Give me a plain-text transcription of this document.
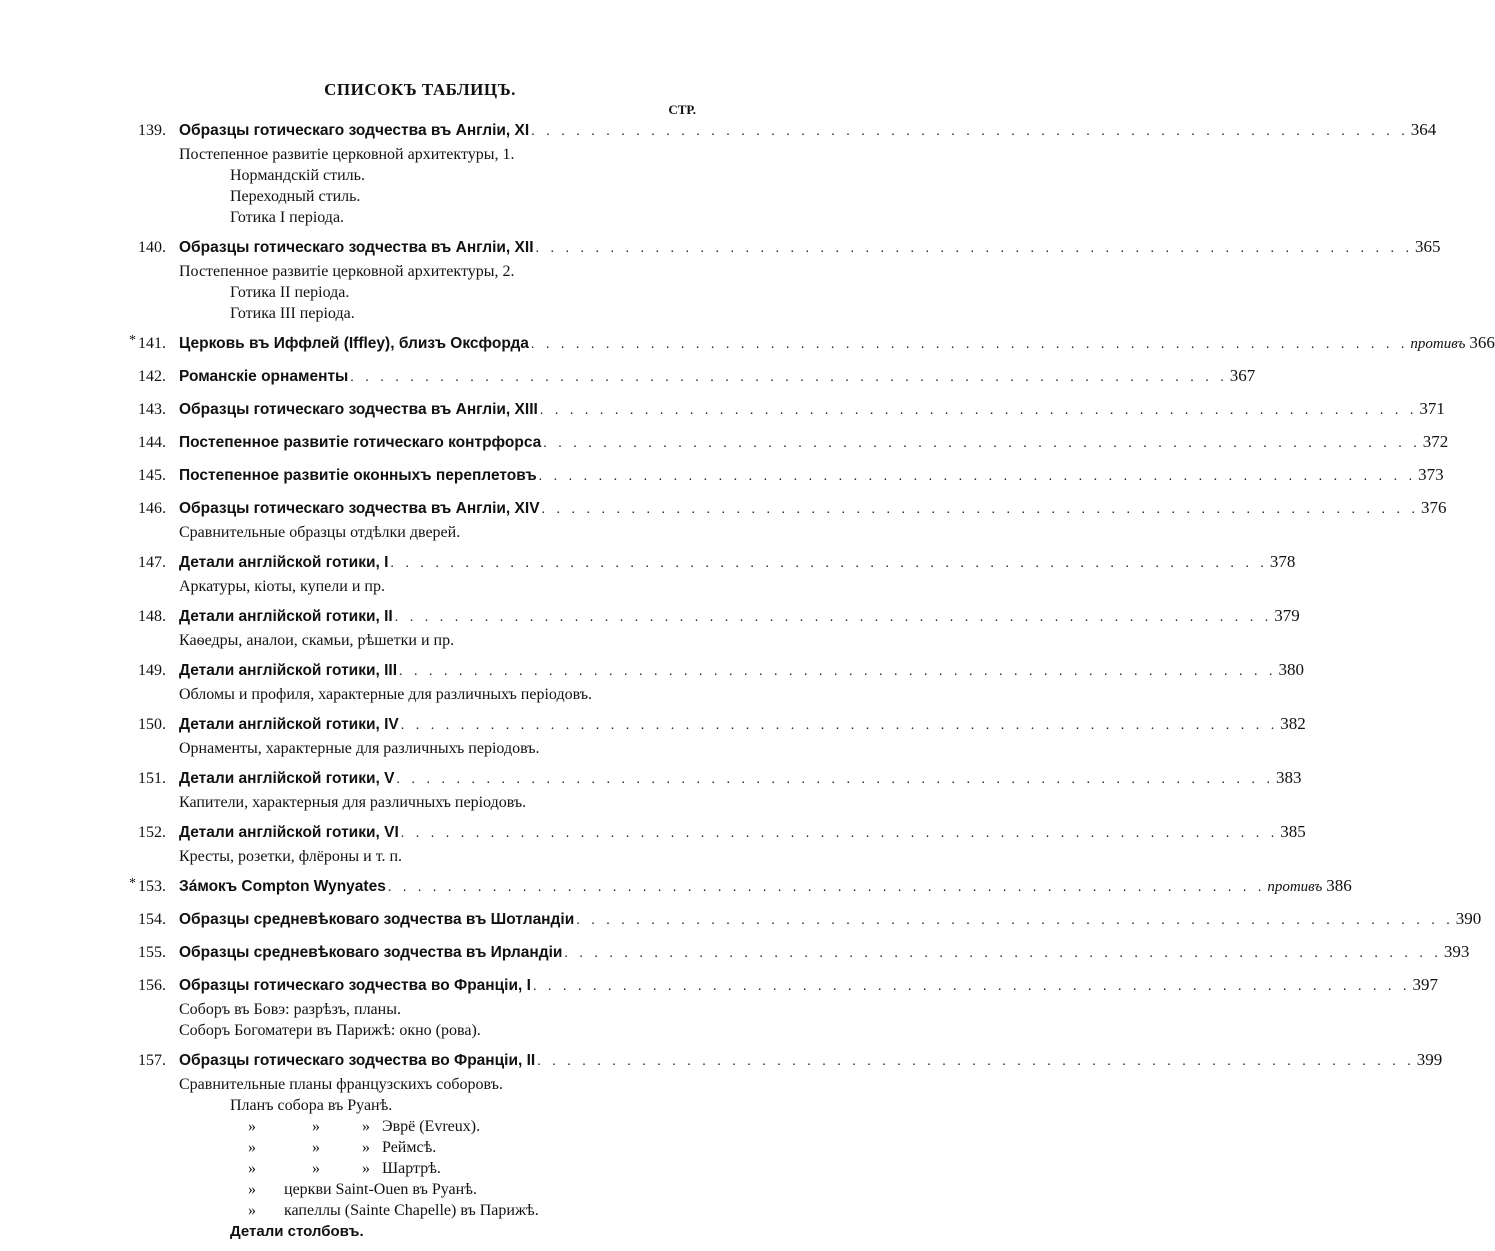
СПИСОКЪ ТАБЛИЦЪ.
СТР.
139. Образцы готическаго зодчества въ Англіи, XI . . . . . . . . . . . . . . . . . . . . . . . . . . . . . . . . . . . . . . . . . . . . . . . . . . . . . . . . . . . 364
Постепенное развитіе церковной архитектуры, 1.
Нормандскій стиль.
Переходный стиль.
Готика I періода.
140. Образцы готическаго зодчества въ Англіи, XII . . . . . . . . . . . . . . . . . . . . . . . . . . . . . . . . . . . . . . . . . . . . . . . . . . . . . . . . . . . 365
Постепенное развитіе церковной архитектуры, 2.
Готика II періода.
Готика III періода.
* 141. Церковь въ Иффлей (Iffley), близъ Оксфорда . . . . . . . . . . . . . . . . . . . . . . . . . . . . . . . . . . . . . . . . . . . . . . . . . . . . . . . . . . . противъ 366
142. Романскіе орнаменты . . . . . . . . . . . . . . . . . . . . . . . . . . . . . . . . . . . . . . . . . . . . . . . . . . . . . . . . . . . 367
143. Образцы готическаго зодчества въ Англіи, XIII . . . . . . . . . . . . . . . . . . . . . . . . . . . . . . . . . . . . . . . . . . . . . . . . . . . . . . . . . . . 371
144. Постепенное развитіе готическаго контрфорса . . . . . . . . . . . . . . . . . . . . . . . . . . . . . . . . . . . . . . . . . . . . . . . . . . . . . . . . . . . 372
145. Постепенное развитіе оконныхъ переплетовъ . . . . . . . . . . . . . . . . . . . . . . . . . . . . . . . . . . . . . . . . . . . . . . . . . . . . . . . . . . . 373
146. Образцы готическаго зодчества въ Англіи, XIV . . . . . . . . . . . . . . . . . . . . . . . . . . . . . . . . . . . . . . . . . . . . . . . . . . . . . . . . . . . 376
Сравнительные образцы отдѣлки дверей.
147. Детали англійской готики, I . . . . . . . . . . . . . . . . . . . . . . . . . . . . . . . . . . . . . . . . . . . . . . . . . . . . . . . . . . . 378
Аркатуры, кіоты, купели и пр.
148. Детали англійской готики, II . . . . . . . . . . . . . . . . . . . . . . . . . . . . . . . . . . . . . . . . . . . . . . . . . . . . . . . . . . . 379
Каѳедры, аналои, скамьи, рѣшетки и пр.
149. Детали англійской готики, III . . . . . . . . . . . . . . . . . . . . . . . . . . . . . . . . . . . . . . . . . . . . . . . . . . . . . . . . . . . 380
Обломы и профиля, характерные для различныхъ періодовъ.
150. Детали англійской готики, IV . . . . . . . . . . . . . . . . . . . . . . . . . . . . . . . . . . . . . . . . . . . . . . . . . . . . . . . . . . . 382
Орнаменты, характерные для различныхъ періодовъ.
151. Детали англійской готики, V . . . . . . . . . . . . . . . . . . . . . . . . . . . . . . . . . . . . . . . . . . . . . . . . . . . . . . . . . . . 383
Капители, характерныя для различныхъ періодовъ.
152. Детали англійской готики, VI . . . . . . . . . . . . . . . . . . . . . . . . . . . . . . . . . . . . . . . . . . . . . . . . . . . . . . . . . . . 385
Кресты, розетки, флёроны и т. п.
* 153. Зáмокъ Compton Wynyates . . . . . . . . . . . . . . . . . . . . . . . . . . . . . . . . . . . . . . . . . . . . . . . . . . . . . . . . . . . противъ 386
154. Образцы средневѣковаго зодчества въ Шотландіи . . . . . . . . . . . . . . . . . . . . . . . . . . . . . . . . . . . . . . . . . . . . . . . . . . . . . . . . . . . 390
155. Образцы средневѣковаго зодчества въ Ирландіи . . . . . . . . . . . . . . . . . . . . . . . . . . . . . . . . . . . . . . . . . . . . . . . . . . . . . . . . . . . 393
156. Образцы готическаго зодчества во Франціи, I . . . . . . . . . . . . . . . . . . . . . . . . . . . . . . . . . . . . . . . . . . . . . . . . . . . . . . . . . . . 397
Соборъ въ Бовэ: разрѣзъ, планы.
Соборъ Богоматери въ Парижѣ: окно (рова).
157. Образцы готическаго зодчества во Франціи, II . . . . . . . . . . . . . . . . . . . . . . . . . . . . . . . . . . . . . . . . . . . . . . . . . . . . . . . . . . . 399
Сравнительные планы французскихъ соборовъ.
Планъ собора въ Руанѣ.
»	»	» Эврё (Evreux).
»	»	» Реймсѣ.
»	»	» Шартрѣ.
»	церкви Saint-Ouen въ Руанѣ.
»	капеллы (Sainte Chapelle) въ Парижѣ.
Детали столбовъ.
